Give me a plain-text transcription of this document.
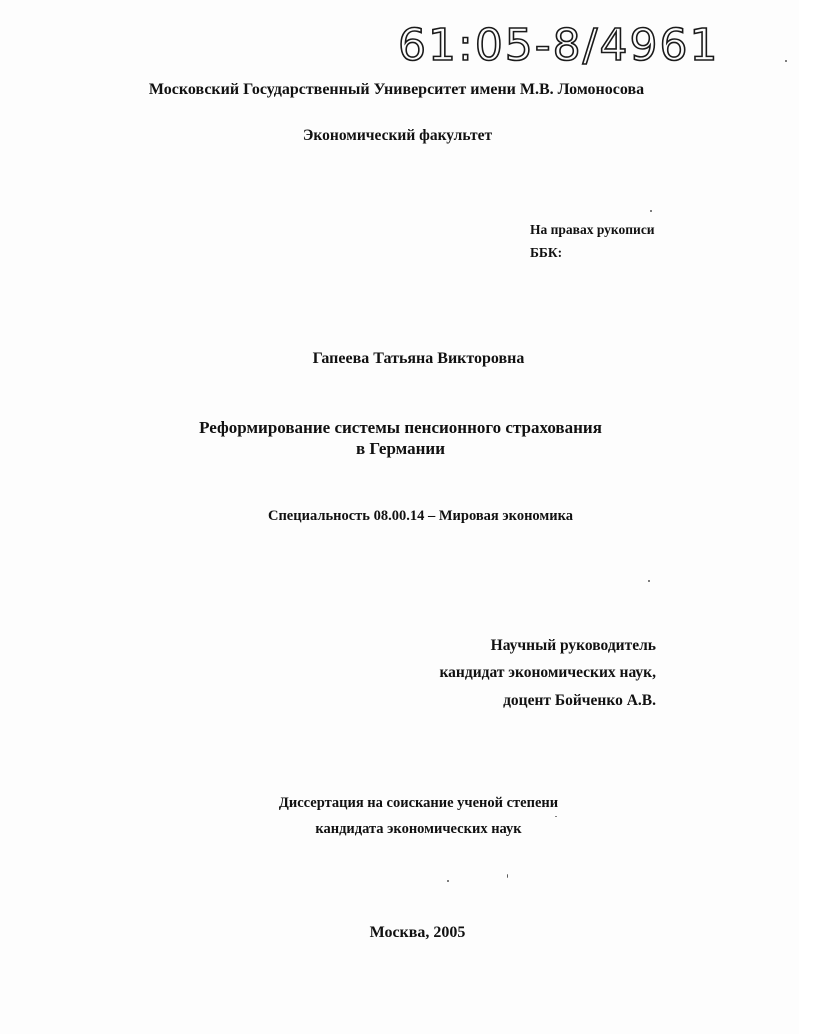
61:05-8/4961
Московский Государственный Университет имени М.В. Ломоносова
Экономический факультет
На правах рукописи
ББК:
Гапеева Татьяна Викторовна
Реформирование системы пенсионного страхования
в Германии
Специальность 08.00.14 – Мировая экономика
Научный руководитель
кандидат экономических наук,
доцент Бойченко А.В.
Диссертация на соискание ученой степени
кандидата экономических наук
Москва, 2005
